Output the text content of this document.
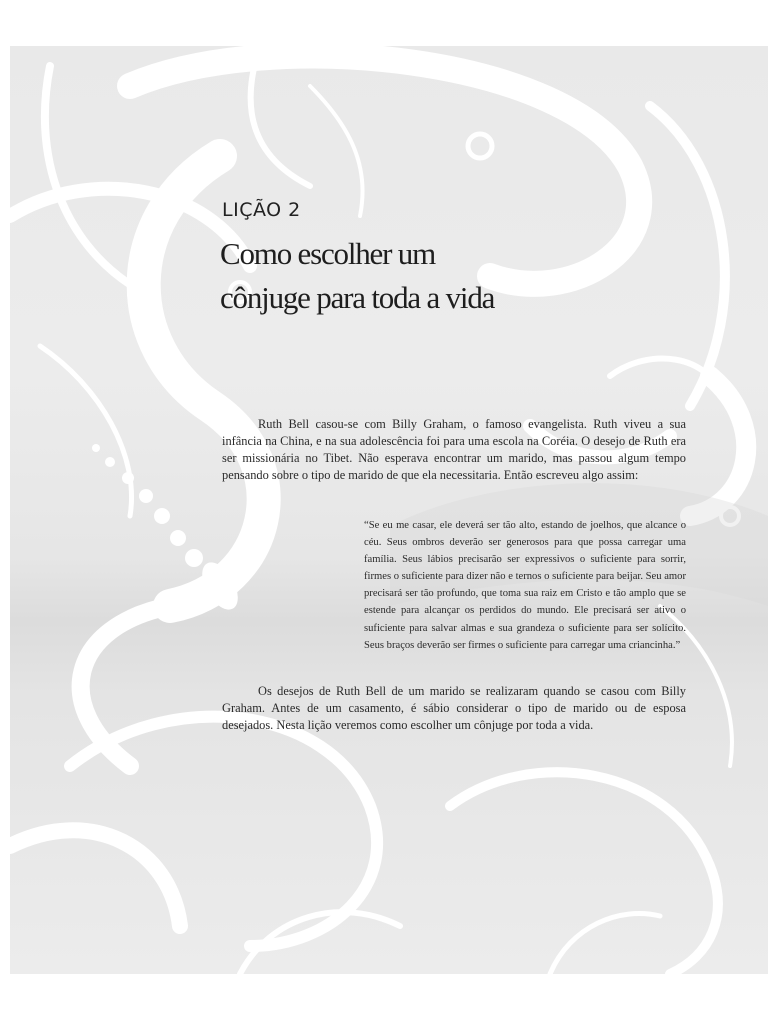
LIÇÃO 2
Como escolher um
cônjuge para toda a vida

Ruth Bell casou-se com Billy Graham, o famoso evangelista. Ruth viveu a sua infância na China, e na sua adolescência foi para uma escola na Coréia. O desejo de Ruth era ser missionária no Tibet. Não esperava encontrar um marido, mas passou algum tempo pensando sobre o tipo de marido de que ela necessitaria. Então escreveu algo assim:

“Se eu me casar, ele deverá ser tão alto, estando de joelhos, que alcance o céu. Seus ombros deverão ser generosos para que possa carregar uma família. Seus lábios precisarão ser expressivos o suficiente para sorrir, firmes o suficiente para dizer não e ternos o suficiente para beijar. Seu amor precisará ser tão profundo, que toma sua raiz em Cristo e tão amplo que se estende para alcançar os perdidos do mundo. Ele precisará ser ativo o suficiente para salvar almas e sua grandeza o suficiente para ser solícito. Seus braços deverão ser firmes o suficiente para carregar uma criancinha.”

Os desejos de Ruth Bell de um marido se realizaram quando se casou com Billy Graham. Antes de um casamento, é sábio considerar o tipo de marido ou de esposa desejados. Nesta lição veremos como escolher um cônjuge por toda a vida.
